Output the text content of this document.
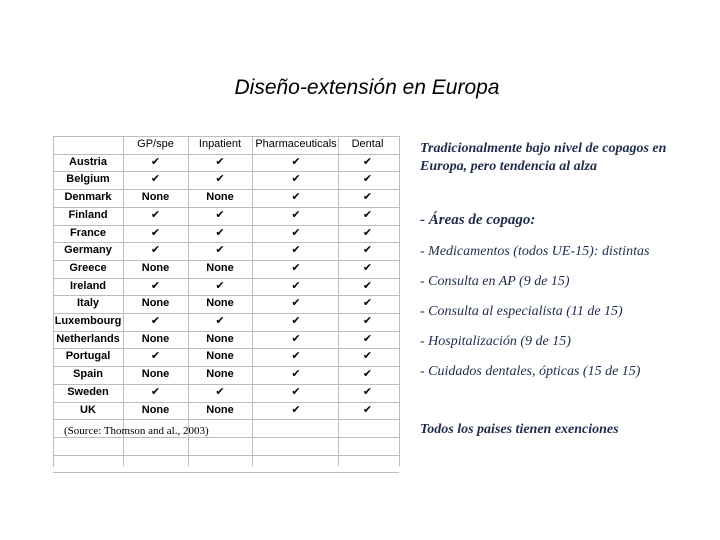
Diseño-extensión en Europa
GP/spe	Inpatient	Pharmaceuticals	Dental
Austria	✔	✔	✔	✔
Belgium	✔	✔	✔	✔
Denmark	None	None	✔	✔
Finland	✔	✔	✔	✔
France	✔	✔	✔	✔
Germany	✔	✔	✔	✔
Greece	None	None	✔	✔
Ireland	✔	✔	✔	✔
Italy	None	None	✔	✔
Luxembourg	✔	✔	✔	✔
Netherlands	None	None	✔	✔
Portugal	✔	None	✔	✔
Spain	None	None	✔	✔
Sweden	✔	✔	✔	✔
UK	None	None	✔	✔
(Source: Thomson and al., 2003)
Tradicionalmente bajo nivel de copagos en Europa, pero tendencia al alza
- Áreas de copago:
- Medicamentos (todos UE-15): distintas
- Consulta en AP (9 de 15)
- Consulta al especialista (11 de 15)
- Hospitalización (9 de 15)
- Cuidados dentales, ópticas (15 de 15)
Todos los paises tienen exenciones
